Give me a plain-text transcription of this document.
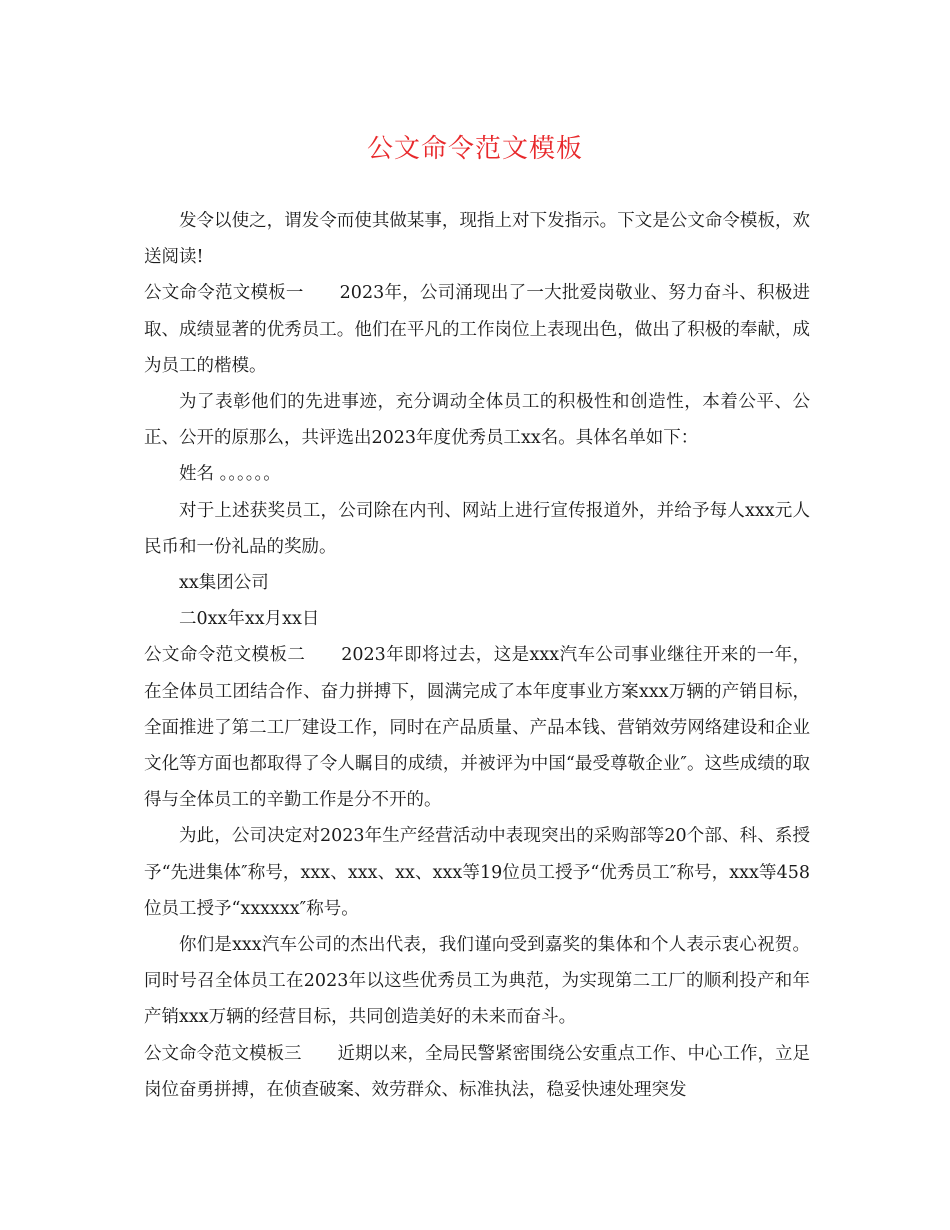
公文命令范文模板

发令以使之，谓发令而使其做某事，现指上对下发指示。下文是公文命令模板，欢送阅读!

公文命令范文模板一 2023年，公司涌现出了一大批爱岗敬业、努力奋斗、积极进取、成绩显著的优秀员工。他们在平凡的工作岗位上表现出色，做出了积极的奉献，成为员工的楷模。

为了表彰他们的先进事迹，充分调动全体员工的积极性和创造性，本着公平、公正、公开的原那么，共评选出2023年度优秀员工xx名。具体名单如下：

姓名 。。。。。。

对于上述获奖员工，公司除在内刊、网站上进行宣传报道外，并给予每人xxx元人民币和一份礼品的奖励。

xx集团公司

二0xx年xx月xx日

公文命令范文模板二 2023年即将过去，这是xxx汽车公司事业继往开来的一年，在全体员工团结合作、奋力拼搏下，圆满完成了本年度事业方案xxx万辆的产销目标，全面推进了第二工厂建设工作，同时在产品质量、产品本钱、营销效劳网络建设和企业文化等方面也都取得了令人瞩目的成绩，并被评为中国“最受尊敬企业″。这些成绩的取得与全体员工的辛勤工作是分不开的。

为此，公司决定对2023年生产经营活动中表现突出的采购部等20个部、科、系授予“先进集体″称号，xxx、xxx、xx、xxx等19位员工授予“优秀员工″称号，xxx等458位员工授予“xxxxxx″称号。

你们是xxx汽车公司的杰出代表，我们谨向受到嘉奖的集体和个人表示衷心祝贺。同时号召全体员工在2023年以这些优秀员工为典范，为实现第二工厂的顺利投产和年产销xxx万辆的经营目标，共同创造美好的未来而奋斗。

公文命令范文模板三 近期以来，全局民警紧密围绕公安重点工作、中心工作，立足岗位奋勇拼搏，在侦查破案、效劳群众、标准执法，稳妥快速处理突发
